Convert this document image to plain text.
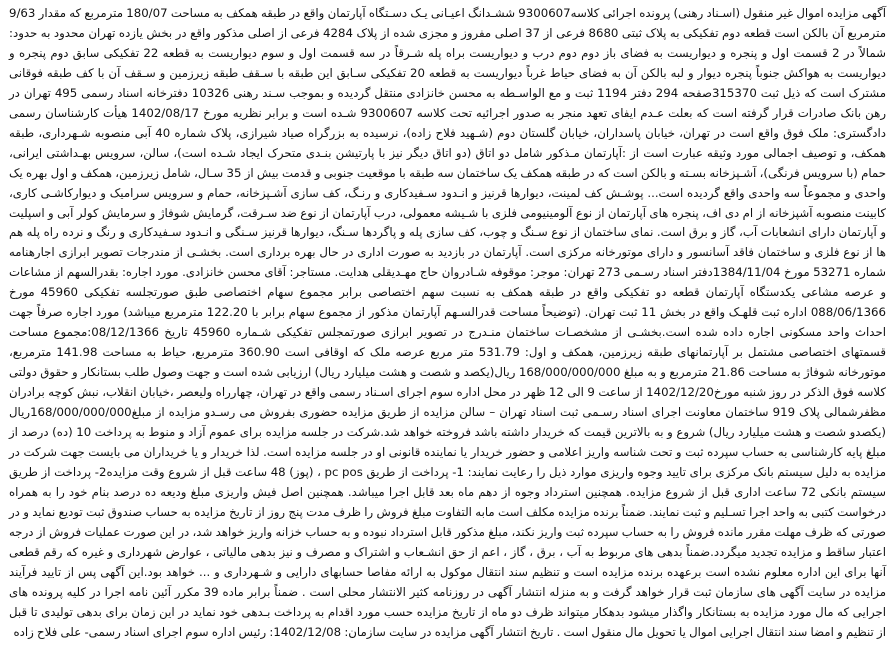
آگهی مزایده اموال غیر منقول (اسـناد رهنی) پرونده اجرائی کلاسه9300607 ششـدانگ اعیـانی یـک دسـتگاه آپارتمان واقع در طبقه همکف به مساحت 180/07 مترمربع که مقدار 9/63 مترمربع آن بالکن است قطعه دوم تفکیکی به پلاک ثبتی 8680 فرعی از 37 اصلی مفروز و مجزی شده از پلاک 4284 فرعی از اصلی مذکور واقع در بخش یازده تهران محدود به حدود: شمالاً در 2 قسمت اول و پنجره و دیواریست به فضای باز دوم دوم درب و دیواریست براه پله شـرقاً در سه قسمت اول و سوم دیواریست به قطعه 22 تفکیکی سابق دوم پنجره و دیواریست به هواکش جنوباً پنجره دیوار و لبه بالکن آن به فضای حیاط غرباً دیواریست به قطعه 20 تفکیکی سـابق این طبقه با سـقف طبقه زیرزمین و سـقف آن با کف طبقه فوقانی مشترک است که ذیل ثبت 315370صفحه 294 دفتر 1194 ثبت و مع الواسـطه به محسن خانزادی منتقل گردیده و بموجب سـند رهنی 10326 دفترخانه اسناد رسمی 495 تهران در رهن بانک صادرات قرار گرفته است که بعلت عـدم ایفای تعهد منجر به صدور اجرائیه تحت کلاسه 9300607 شـده است و برابر نظریه مورخ 1402/08/17 هیأت کارشناسان رسمی دادگستری: ملک فوق واقع است در تهران، خیابان پاسداران، خیابان گلستان دوم (شـهید فلاح زاده)، نرسیده به بزرگراه صیاد شیرازی، پلاک شماره 40 آبی منصوبه شـهرداری، طبقه همکف، و توصیف اجمالی مورد وثیقه عبارت است از :آپارتمان مـذکور شامل دو اتاق (دو اتاق دیگر نیز با پارتیشن بنـدی متحرک ایجاد شـده است)، سالن، سرویس بهـداشتی ایرانی، حمام (با سرویس فرنگی)، آشـپزخانه بسـته و بالکن است که در طبقه همکف یک ساختمان سه طبقه با موقعیت جنوبی و قدمت بیش از 35 سـال، شامل زیرزمین، همکف و اول بهره یک واحدی و مجموعاً سه واحدی واقع گردیده است... پوشـش کف لمینت، دیوارها قرنیز و انـدود سـفیدکاری و رنـگ، کف سازی آشـپزخانه، حمام و سرویس سرامیک و دیوارکاشـی کاری، کابینت منصوبه آشپزخانه از ام دی اف، پنجره های آپارتمان از نوع آلومینیومی فلزی با شـیشه معمولی، درب آپارتمان از نوع ضد سـرقت، گرمایش شوفاژ و سرمایش کولر آبی و اسپلیت و آپارتمان دارای انشعابات آب، گاز و برق است. نمای ساختمان از نوع سـنگ و چوب، کف سازی پله و پاگردها سـنگ، دیوارها قرنیز سـنگی و انـدود سـفیدکاری و رنگ و نرده راه پله هم ها از نوع فلزی و ساختمان فاقد آسانسور و دارای موتورخانه مرکزی است. آپارتمان در بازدید به صورت اداری در حال بهره برداری است. بخشـی از مندرجات تصویر ابرازی اجارهنامه شماره 53271 مورخ 1384/11/04دفتر اسناد رسـمی 273 تهران: موجر: موقوفه شـادروان حاج مهـدیقلی هدایت. مستاجر: آقای محسن خانزادی. مورد اجاره: بقدرالسهم از مشاعات و عرصه مشاعی یکدستگاه آپارتمان قطعه دو تفکیکی واقع در طبقه همکف به نسبت سهم اختصاصی برابر مجموع سهام اختصاصی طبق صورتجلسه تفکیکی 45960 مورخ 088/06/1366 اداره ثبت قلهـک واقع در بخش 11 ثبت تهران. (توضیحاً مساحت قدرالسـهم آپارتمان مذکور از مجموع سهام برابر با 122.20 مترمربع میباشد) مورد اجاره صرفاً جهت احداث واحد مسکونی اجاره داده شده است.بخشـی از مشخصـات ساختمان منـدرج در تصویر ابرازی صورتمجلس تفکیکی شـماره 45960 تاریخ 08/12/1366:مجموع مساحت قسمتهای اختصاصی مشتمل بر آپارتمانهای طبقه زیرزمین، همکف و اول: 531.79 متر مربع عرصه ملک که اوقافی است 360.90 مترمربع، حیاط به مساحت 141.98 مترمربع، موتورخانه شوفاژ به مساحت 21.86 مترمربع و به مبلغ 168/000/000/000 ریال(یکصد و شصت و هشت میلیارد ریال) ارزیابی شده است و جهت وصول طلب بستانکار و حقوق دولتی کلاسه فوق الذکر در روز شنبه مورخ1402/12/20 از ساعت 9 الی 12 ظهر در محل اداره سوم اجرای اسـناد رسمی واقع در تهران، چهارراه ولیعصر ،خیابان انقلاب، نبش کوچه برادران مظفرشمالی پلاک 919 ساختمان معاونت اجرای اسناد رسـمی ثبت اسناد تهران – سالن مزایده از طریق مزایده حضوری بفروش می رسـدو مزایده از مبلغ168/000/000/000ریال (یکصدو شصت و هشت میلیارد ریال) شروع و به بالاترین قیمت که خریدار داشته باشد فروخته خواهد شد.شرکت در جلسه مزایده برای عموم آزاد و منوط به پرداخت 10 (ده) درصد از مبلغ پایه کارشناسی به حساب سپرده ثبت و تحت شناسه واریز اعلامی و حضور خریدار یا نماینده قانونی او در جلسه مزایده است. لذا خریدار و یا خریداران می بایست جهت شرکت در مزایده به دلیل سیستم بانک مرکزی برای تایید وجوه واریزی موارد ذیل را رعایت نمایند: 1- پرداخت از طریق pc pos ، (پوز) 48 ساعت قبل از شروع وقت مزایده2- پرداخت از طریق سیستم بانکی 72 ساعت اداری قبل از شروع مزایده. همچنین استرداد وجوه از دهم ماه بعد قابل اجرا میباشد. همچنین اصل فیش واریزی مبلغ ودیعه ده درصد بنام خود را به همراه درخواست کتبی به واحد اجرا تسـلیم و ثبت نمایند. ضمناً برنده مزایده مکلف است مابه التفاوت مبلغ فروش را ظرف مدت پنج روز از تاریخ مزایده به حساب صندوق ثبت تودیع نماید و در صورتی که ظرف مهلت مقرر مانده فروش را به حساب سپرده ثبت واریز نکند، مبلغ مذکور قابل استرداد نبوده و به حساب خزانه واریز خواهد شد، در این صورت عملیات فروش از درجه اعتبار ساقط و مزایده تجدید میگردد.ضمناً بدهی های مربوط به آب ، برق ، گاز ، اعم از حق انشـعاب و اشتراک و مصرف و نیز بدهی مالیاتی ، عوارض شهرداری و غیره که رقم قطعی آنها برای این اداره معلوم نشده است برعهده برنده مزایده است و تنظیم سند انتقال موکول به ارائه مفاصا حسابهای دارایی و شـهرداری و ... خواهد بود.این آگهی پس از تایید فرآیند مزایده در سایت آگهی های سازمان ثبت قرار خواهد گرفت و به منزله انتشار آگهی در روزنامه کثیر الانتشار محلی است . ضمناً برابر ماده 39 مکرر آئین نامه اجرا در کلیه پرونده های اجرایی که مال مورد مزایده به بستانکار واگذار میشود بدهکار میتواند ظرف دو ماه از تاریخ مزایده حسب مورد اقدام به پرداخت بـدهی خود نماید در این زمان برای بدهی تولیدی تا قبل از تنظیم و امضا سند انتقال اجرایی اموال یا تحویل مال منقول است . تاریخ انتشار آگهی مزایده در سایت سازمان: 1402/12/08: رئیس اداره سوم اجرای اسناد رسمی- علی فلاح زاده
